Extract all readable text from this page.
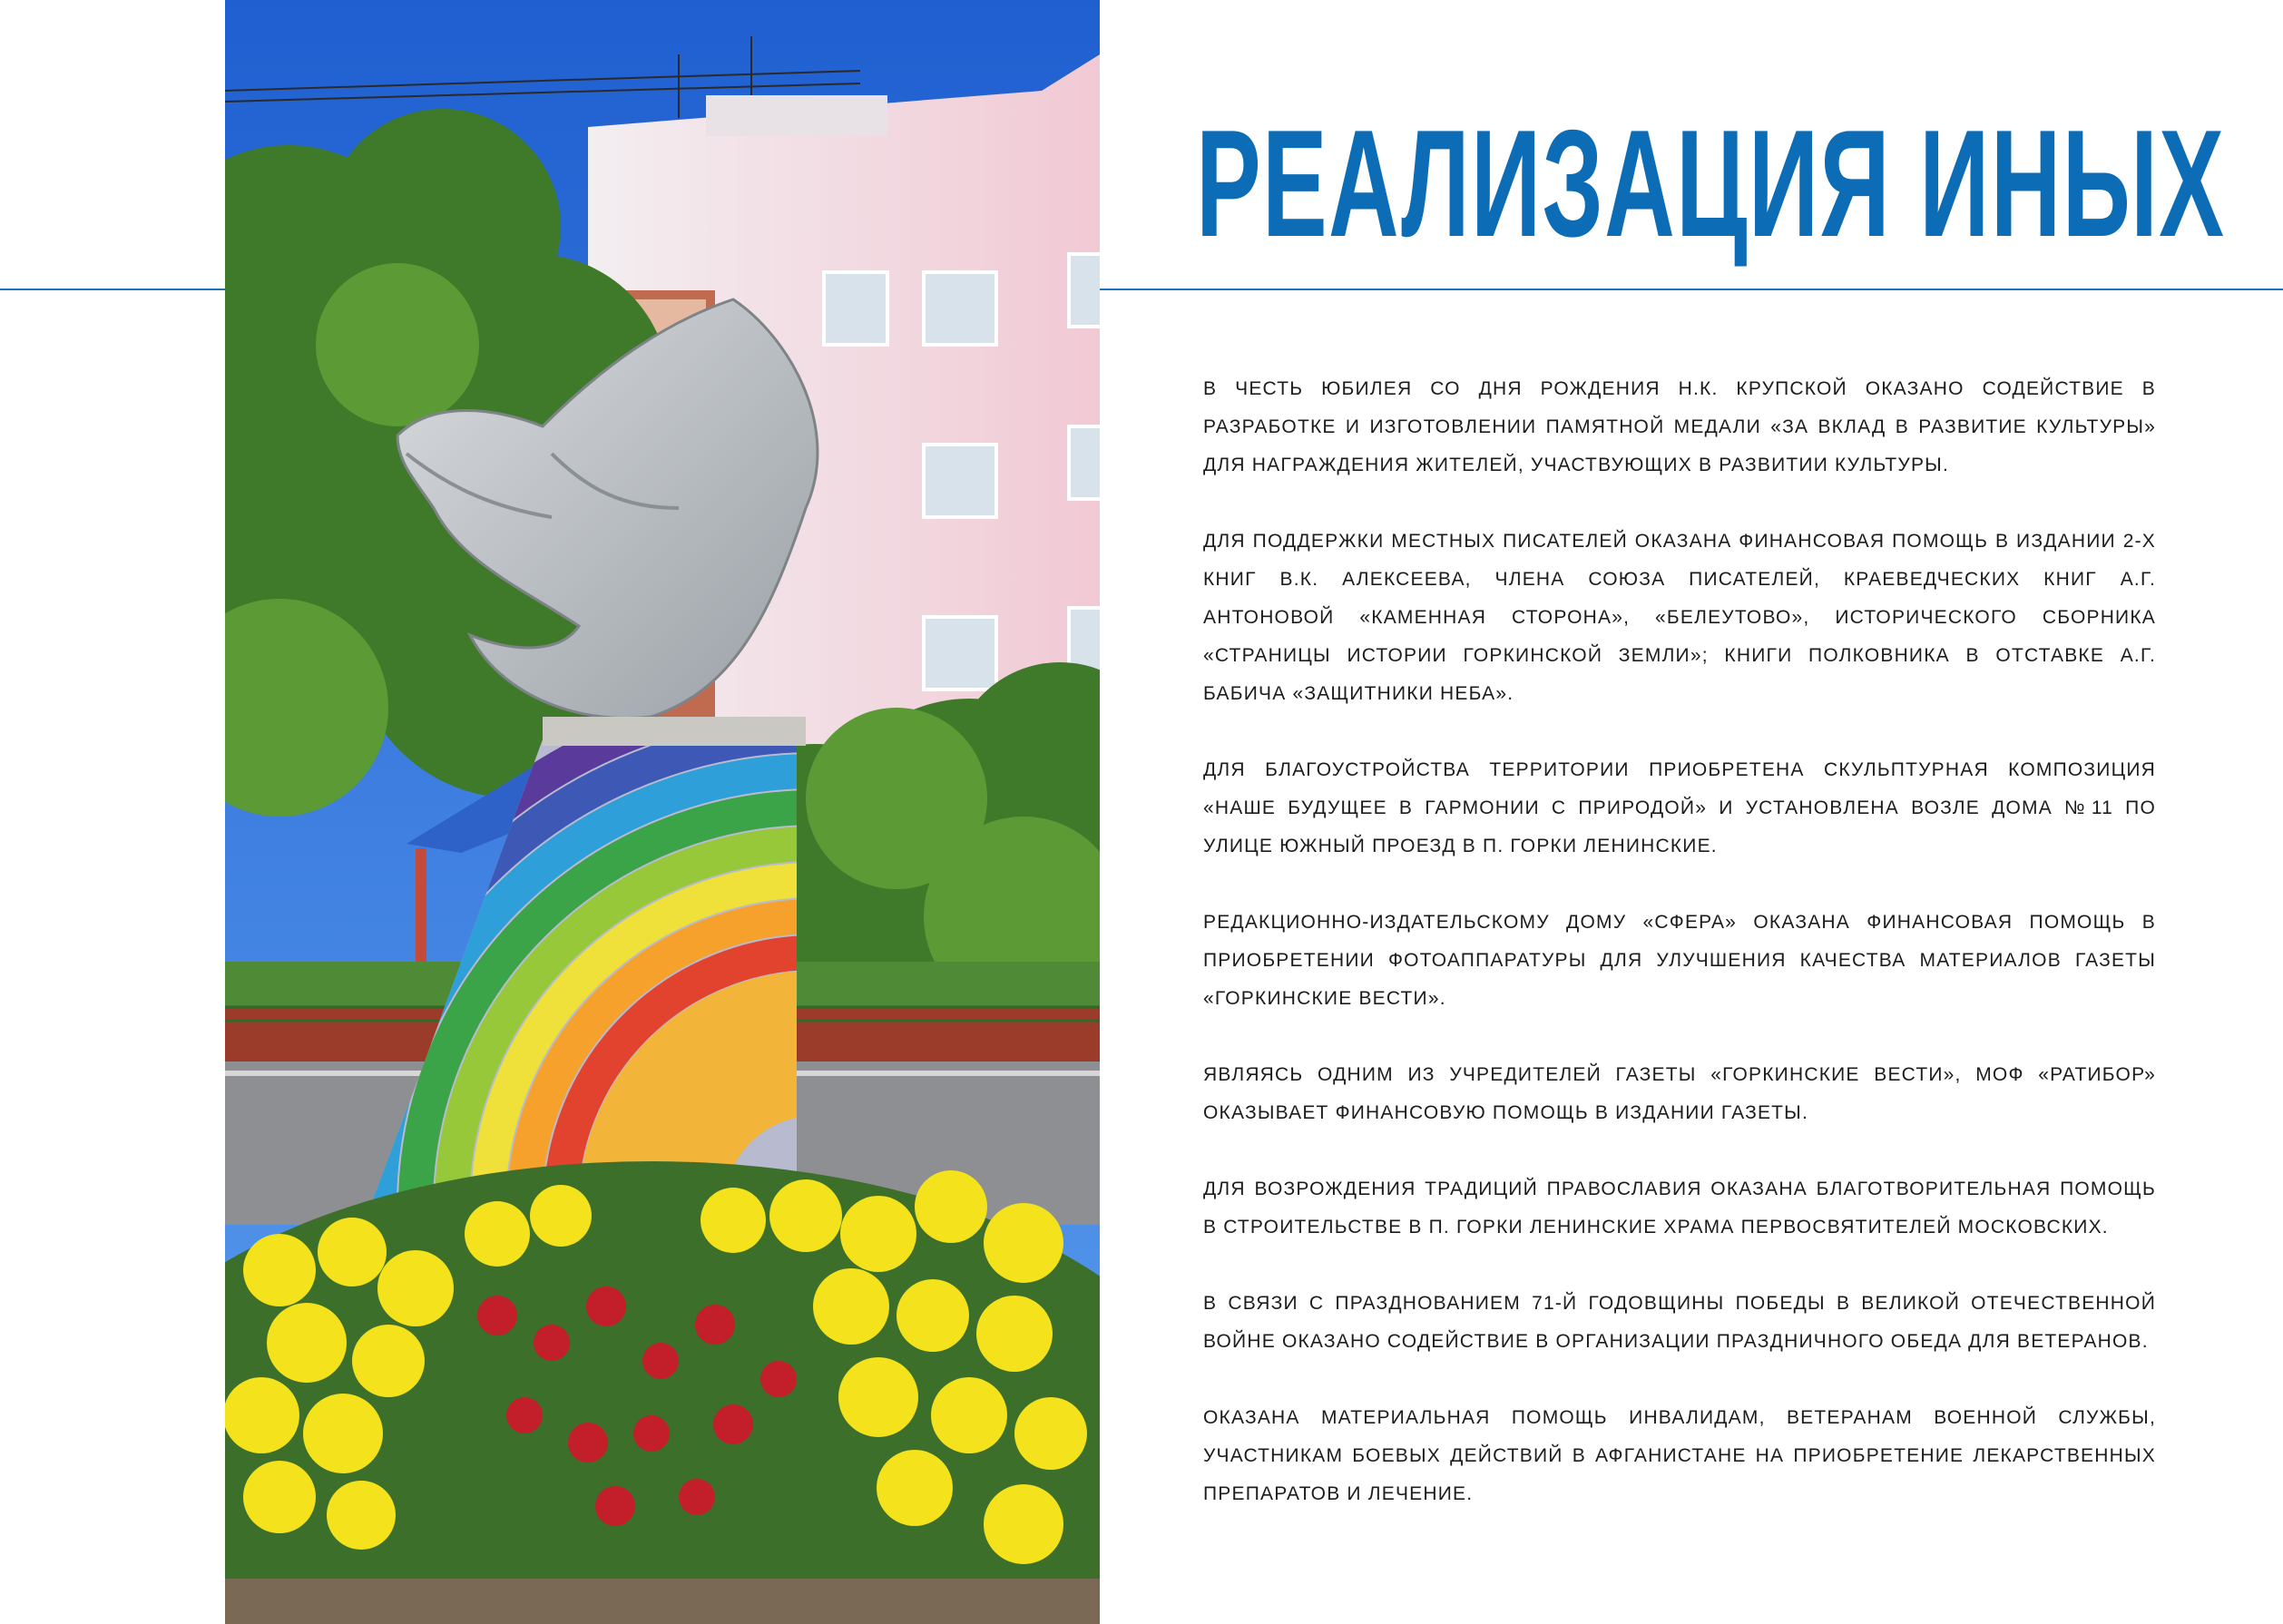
РЕАЛИЗАЦИЯ ИНЫХ

В ЧЕСТЬ ЮБИЛЕЯ СО ДНЯ РОЖДЕНИЯ Н.К. КРУПСКОЙ ОКАЗАНО СОДЕЙСТВИЕ В РАЗРАБОТКЕ И ИЗГОТОВЛЕНИИ ПАМЯТНОЙ МЕДАЛИ «ЗА ВКЛАД В РАЗВИТИЕ КУЛЬТУРЫ» ДЛЯ НАГРАЖДЕНИЯ ЖИТЕЛЕЙ, УЧАСТВУЮЩИХ В РАЗВИТИИ КУЛЬТУРЫ.

ДЛЯ ПОДДЕРЖКИ МЕСТНЫХ ПИСАТЕЛЕЙ ОКАЗАНА ФИНАНСОВАЯ ПОМОЩЬ В ИЗДАНИИ 2-Х КНИГ В.К. АЛЕКСЕЕВА, ЧЛЕНА СОЮЗА ПИСАТЕЛЕЙ, КРАЕВЕДЧЕСКИХ КНИГ А.Г. АНТОНОВОЙ «КАМЕННАЯ СТОРОНА», «БЕЛЕУТОВО», ИСТОРИЧЕСКОГО СБОРНИКА «СТРАНИЦЫ ИСТОРИИ ГОРКИНСКОЙ ЗЕМЛИ»; КНИГИ ПОЛКОВНИКА В ОТСТАВКЕ А.Г. БАБИЧА «ЗАЩИТНИКИ НЕБА».

ДЛЯ БЛАГОУСТРОЙСТВА ТЕРРИТОРИИ ПРИОБРЕТЕНА СКУЛЬПТУРНАЯ КОМПОЗИЦИЯ «НАШЕ БУДУЩЕЕ В ГАРМОНИИ С ПРИРОДОЙ» И УСТАНОВЛЕНА ВОЗЛЕ ДОМА №11 ПО УЛИЦЕ ЮЖНЫЙ ПРОЕЗД В П. ГОРКИ ЛЕНИНСКИЕ.

РЕДАКЦИОННО-ИЗДАТЕЛЬСКОМУ ДОМУ «СФЕРА» ОКАЗАНА ФИНАНСОВАЯ ПОМОЩЬ В ПРИОБРЕТЕНИИ ФОТОАППАРАТУРЫ ДЛЯ УЛУЧШЕНИЯ КАЧЕСТВА МАТЕРИАЛОВ ГАЗЕТЫ «ГОРКИНСКИЕ ВЕСТИ».

ЯВЛЯЯСЬ ОДНИМ ИЗ УЧРЕДИТЕЛЕЙ ГАЗЕТЫ «ГОРКИНСКИЕ ВЕСТИ», МОФ «РАТИБОР» ОКАЗЫВАЕТ ФИНАНСОВУЮ ПОМОЩЬ В ИЗДАНИИ ГАЗЕТЫ.

ДЛЯ ВОЗРОЖДЕНИЯ ТРАДИЦИЙ ПРАВОСЛАВИЯ ОКАЗАНА БЛАГОТВОРИТЕЛЬНАЯ ПОМОЩЬ В СТРОИТЕЛЬСТВЕ В П. ГОРКИ ЛЕНИНСКИЕ ХРАМА ПЕРВОСВЯТИТЕЛЕЙ МОСКОВСКИХ.

В СВЯЗИ С ПРАЗДНОВАНИЕМ 71-Й ГОДОВЩИНЫ ПОБЕДЫ В ВЕЛИКОЙ ОТЕЧЕСТВЕННОЙ ВОЙНЕ ОКАЗАНО СОДЕЙСТВИЕ В ОРГАНИЗАЦИИ ПРАЗДНИЧНОГО ОБЕДА ДЛЯ ВЕТЕРАНОВ.

ОКАЗАНА МАТЕРИАЛЬНАЯ ПОМОЩЬ ИНВАЛИДАМ, ВЕТЕРАНАМ ВОЕННОЙ СЛУЖБЫ, УЧАСТНИКАМ БОЕВЫХ ДЕЙСТВИЙ В АФГАНИСТАНЕ НА ПРИОБРЕТЕНИЕ ЛЕКАРСТВЕННЫХ ПРЕПАРАТОВ И ЛЕЧЕНИЕ.
